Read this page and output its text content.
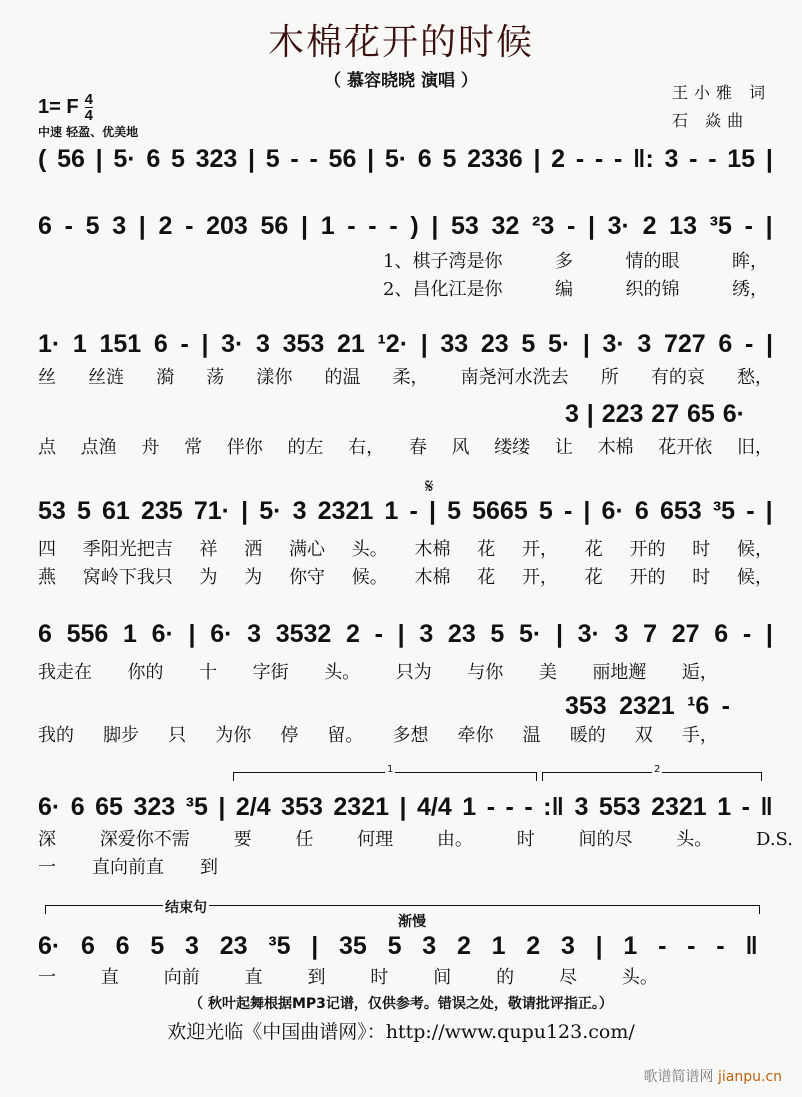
木棉花开的时候
（ 慕容晓晓 演唱 ）
王小雅 词
石 焱曲
1= F $\frac{4}{4}$
中速 轻盈、优美地
𝄋
1	2
结束句
渐慢
( 56 | 5· 6 5 323 | 5 - - 56 | 5· 6 5 2336 | 2 - - - ‖: 3 - - 15 |
6 - 5 3 | 2 - 203 56 | 1 - - - ) | 53 32 ²3 - | 3· 2 13 ³5 - |
1· 1 151 6 - | 3· 3 353 21 ¹2· | 33 23 5 5· | 3· 3 727 6 - |
3 | 223 27 65 6·
53 5 61 235 71· | 5· 3 2321 1 - | 5 5665 5 - | 6· 6 653 ³5 - |
6 556 1 6· | 6· 3 3532 2 - | 3 23 5 5· | 3· 3 7 27 6 - |
353 2321 ¹6 -
6· 6 65 323 ³5 | 2/4 353 2321 | 4/4 1 - - - :‖ 3 553 2321 1 - ‖
6· 6 6 5 3 23 ³5 | 35 5 3 2 1 2 3 | 1 - - - ‖
1、棋子湾是你	多	情的眼	眸，
2、昌化江是你	编	织的锦	绣，
丝 丝涟 漪 荡 漾你 的温 柔， 南尧河水洗去 所 有的哀 愁，
点 点渔 舟 常 伴你 的左 右， 春 风 缕缕 让 木棉 花开依 旧，
四 季阳光把吉 祥 洒 满心 头。 木棉 花 开， 花 开的 时 候，
燕 窝岭下我只 为 为 你守 候。 木棉 花 开， 花 开的 时 候，
我走在 你的 十 字街 头。 只为 与你 美 丽地邂 逅，
我的 脚步 只 为你 停 留。 多想 牵你 温 暖的 双 手，
深 深爱你不需 要 任 何理 由。 时 间的尽 头。 D.S.
一 直向前直 到
一 直 向前 直 到 时 间 的 尽 头。
（ 秋叶起舞根据MP3记谱，仅供参考。错误之处，敬请批评指正。）
欢迎光临《中国曲谱网》：http://www.qupu123.com/
歌谱简谱网 jianpu.cn
